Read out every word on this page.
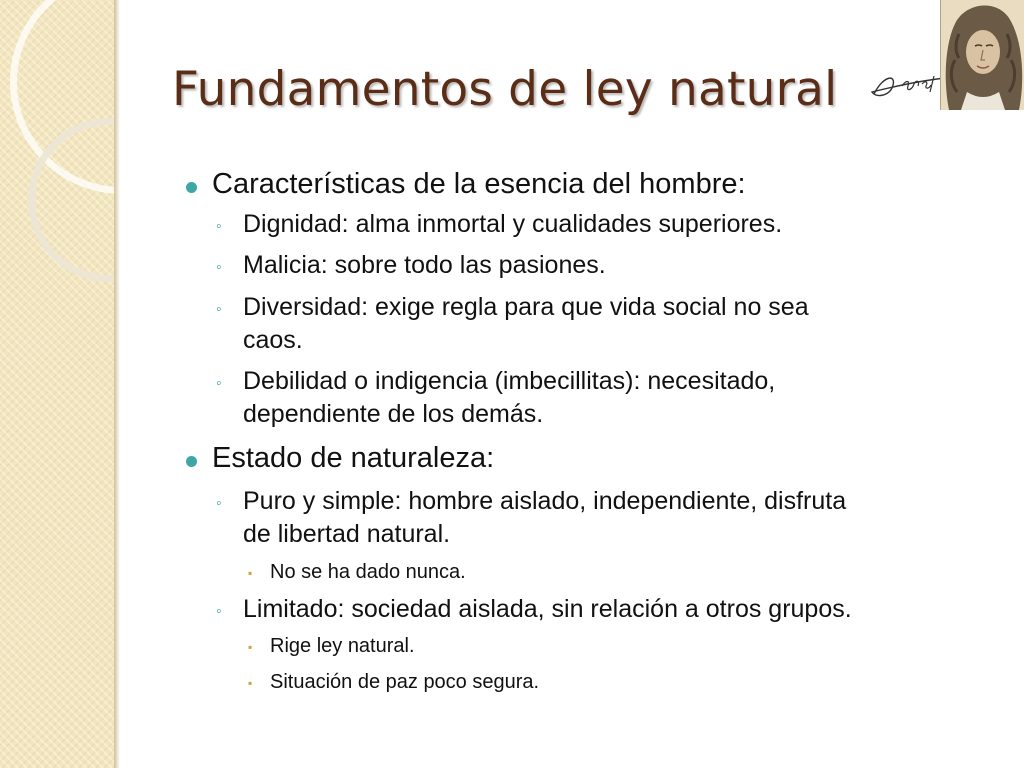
Fundamentos de ley natural
Características de la esencia del hombre:
◦ Dignidad: alma inmortal y cualidades superiores.
◦ Malicia: sobre todo las pasiones.
◦ Diversidad: exige regla para que vida social no sea
caos.
◦ Debilidad o indigencia (imbecillitas): necesitado,
dependiente de los demás.
Estado de naturaleza:
◦ Puro y simple: hombre aislado, independiente, disfruta
de libertad natural.
▪ No se ha dado nunca.
◦ Limitado: sociedad aislada, sin relación a otros grupos.
▪ Rige ley natural.
▪ Situación de paz poco segura.
